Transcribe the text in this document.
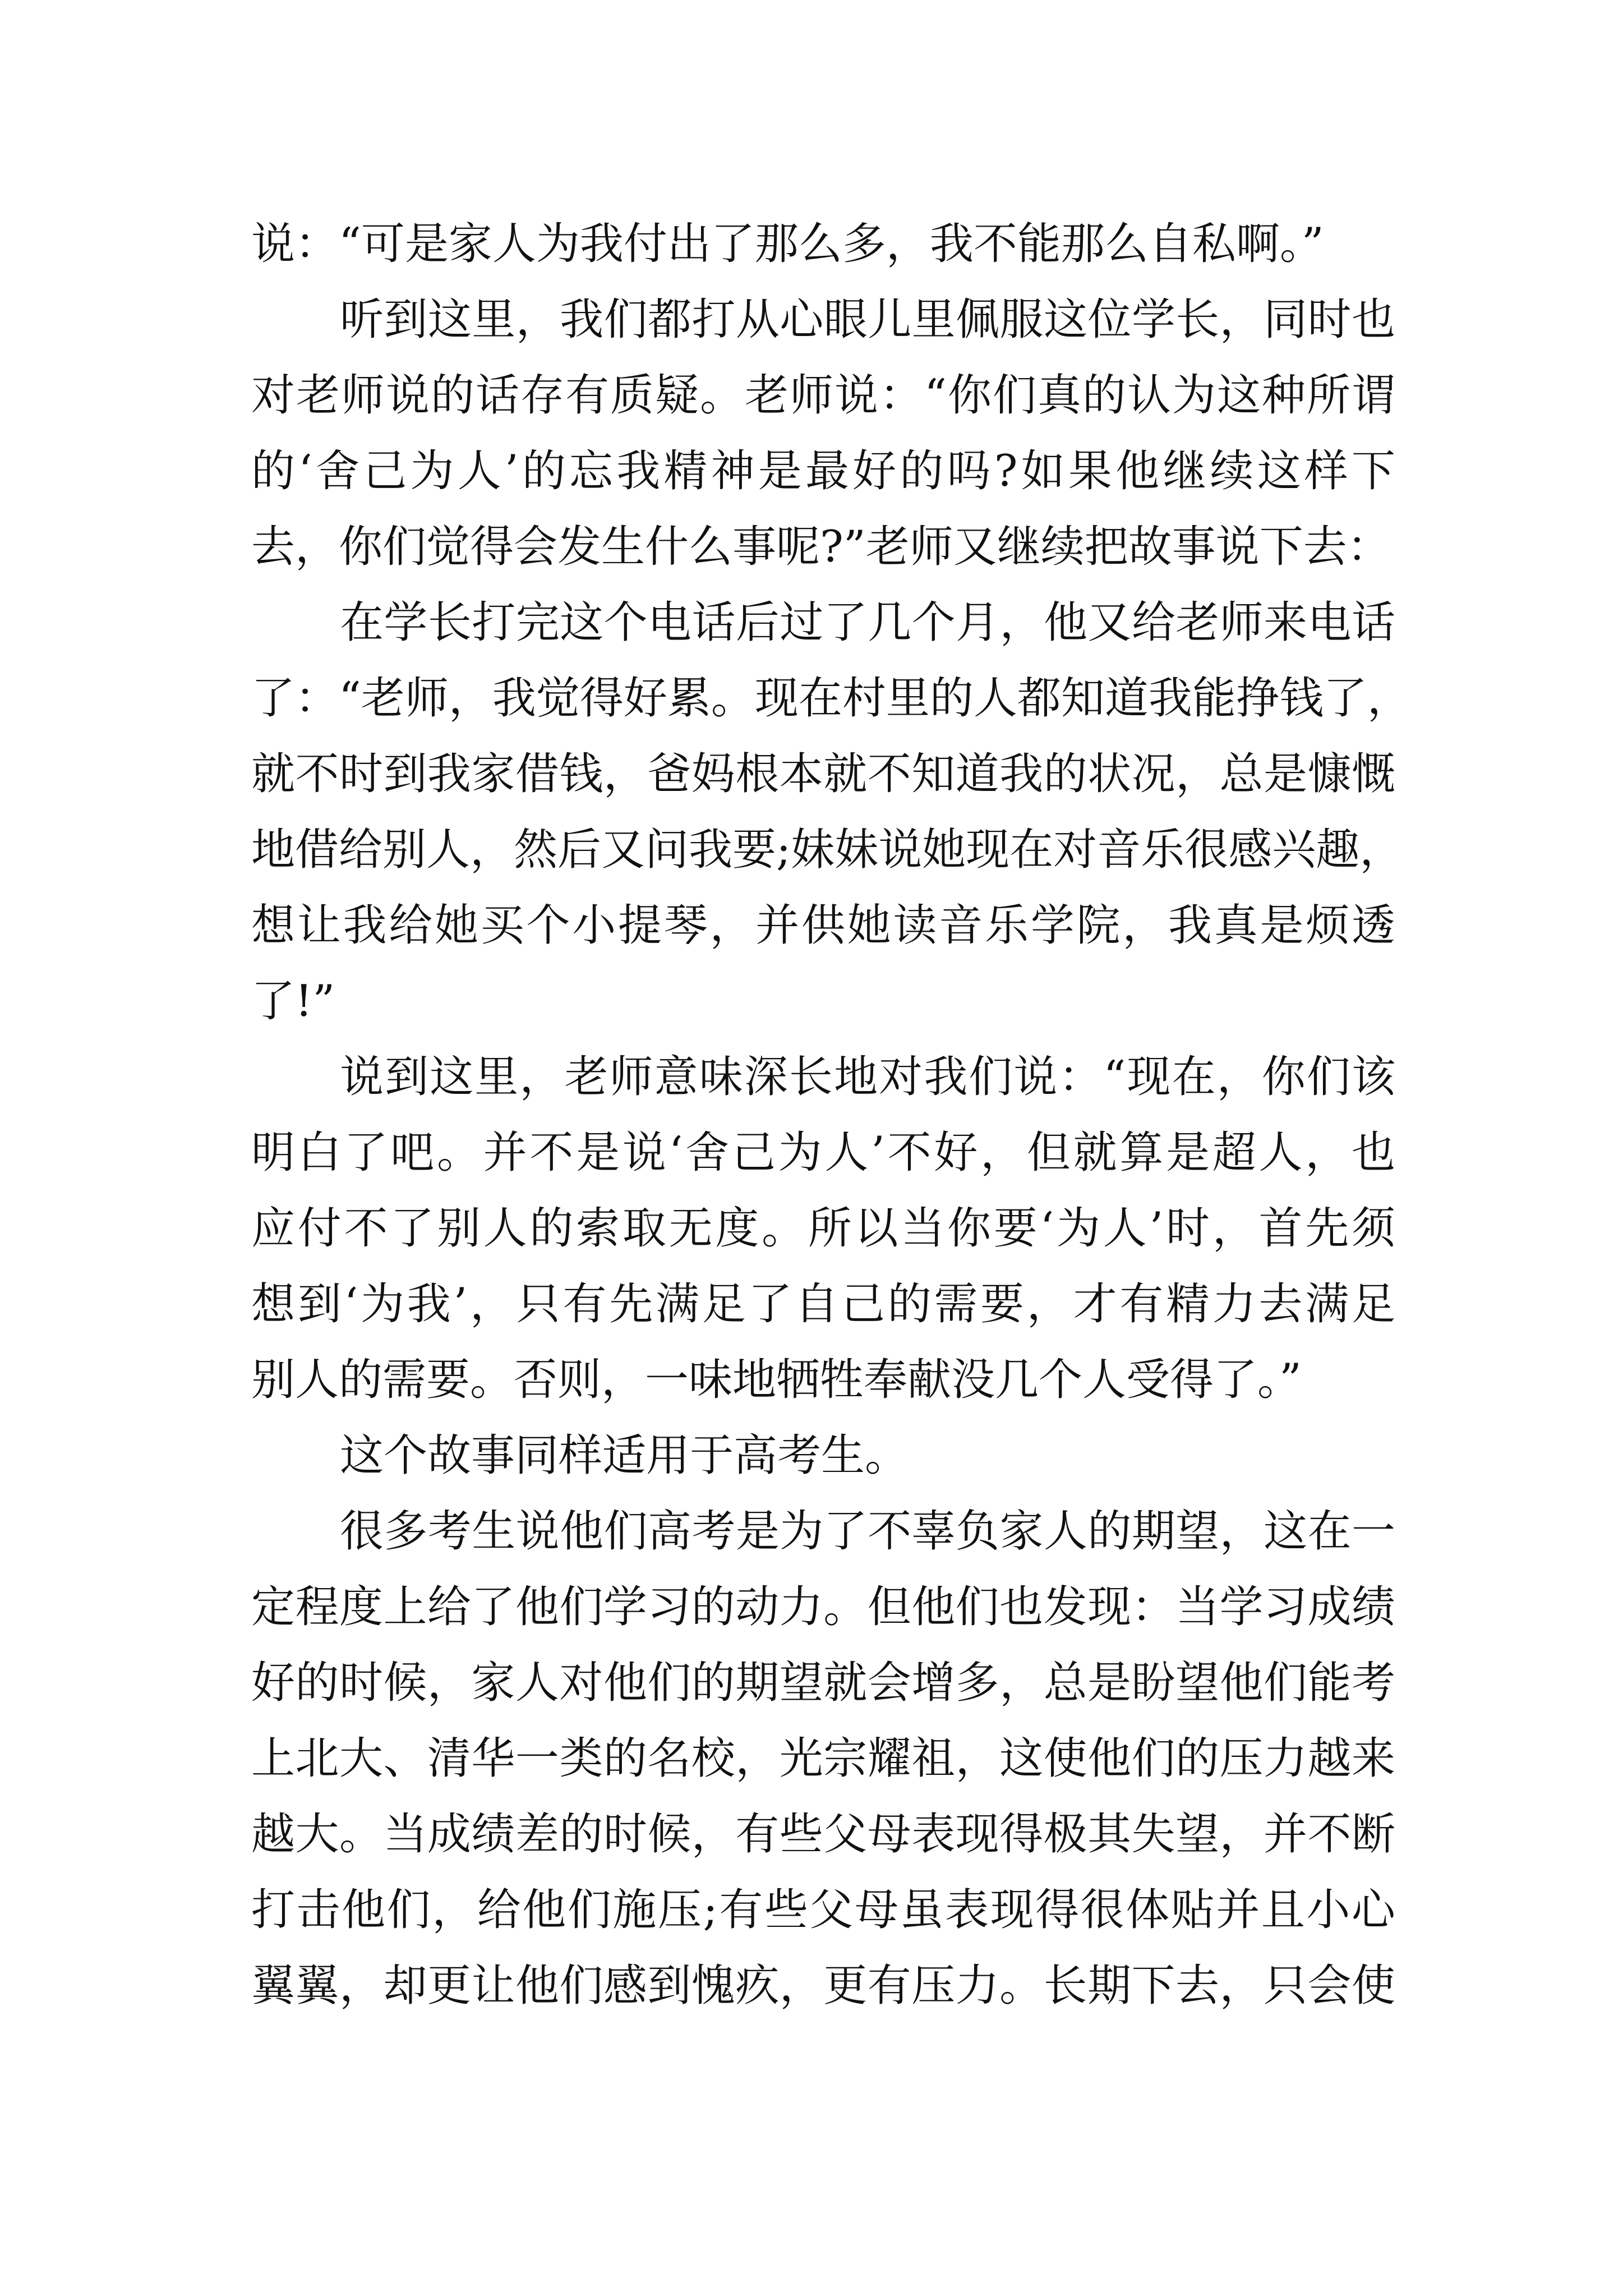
说：“可是家人为我付出了那么多，我不能那么自私啊。”
听到这里，我们都打从心眼儿里佩服这位学长，同时也
对老师说的话存有质疑。老师说：“你们真的认为这种所谓
的‘舍己为人’的忘我精神是最好的吗?如果他继续这样下
去，你们觉得会发生什么事呢?”老师又继续把故事说下去：
在学长打完这个电话后过了几个月，他又给老师来电话
了：“老师，我觉得好累。现在村里的人都知道我能挣钱了，
就不时到我家借钱，爸妈根本就不知道我的状况，总是慷慨
地借给别人，然后又问我要;妹妹说她现在对音乐很感兴趣，
想让我给她买个小提琴，并供她读音乐学院，我真是烦透
了!”
说到这里，老师意味深长地对我们说：“现在，你们该
明白了吧。并不是说‘舍己为人’不好，但就算是超人，也
应付不了别人的索取无度。所以当你要‘为人’时，首先须
想到‘为我’，只有先满足了自己的需要，才有精力去满足
别人的需要。否则，一味地牺牲奉献没几个人受得了。”
这个故事同样适用于高考生。
很多考生说他们高考是为了不辜负家人的期望，这在一
定程度上给了他们学习的动力。但他们也发现：当学习成绩
好的时候，家人对他们的期望就会增多，总是盼望他们能考
上北大、清华一类的名校，光宗耀祖，这使他们的压力越来
越大。当成绩差的时候，有些父母表现得极其失望，并不断
打击他们，给他们施压;有些父母虽表现得很体贴并且小心
翼翼，却更让他们感到愧疚，更有压力。长期下去，只会使
